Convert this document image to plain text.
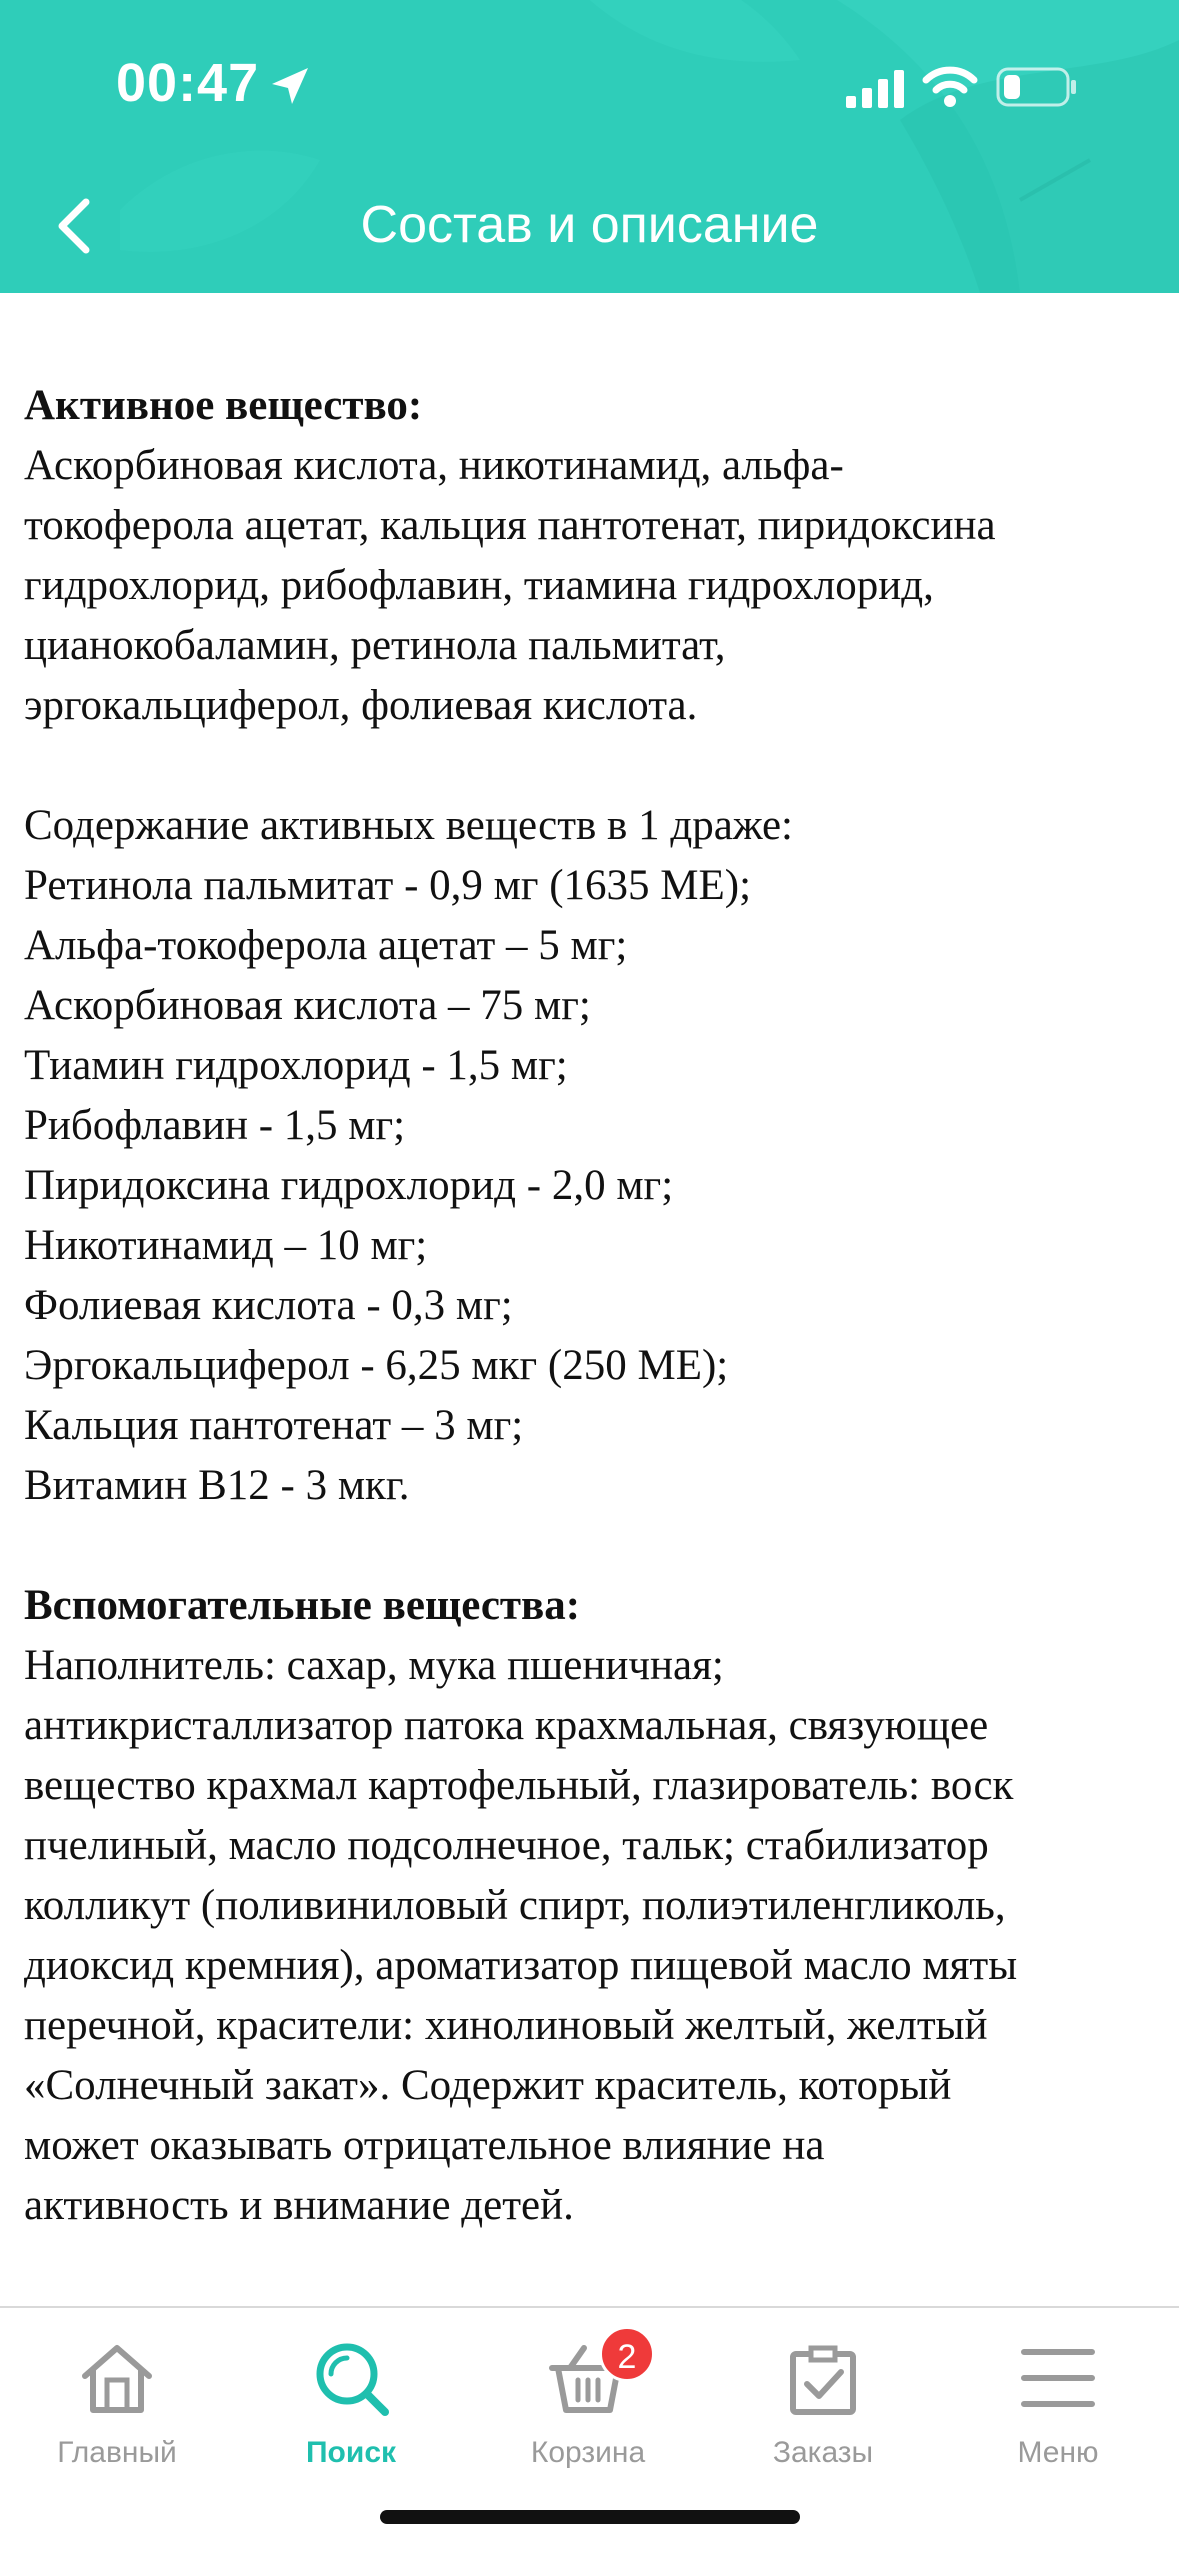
00:47
Состав и описание
Активное вещество:
Аскорбиновая кислота, никотинамид, альфа-
токоферола ацетат, кальция пантотенат, пиридоксина
гидрохлорид, рибофлавин, тиамина гидрохлорид,
цианокобаламин, ретинола пальмитат,
эргокальциферол, фолиевая кислота.
Содержание активных веществ в 1 драже:
Ретинола пальмитат - 0,9 мг (1635 МЕ);
Альфа-токоферола ацетат – 5 мг;
Аскорбиновая кислота – 75 мг;
Тиамин гидрохлорид - 1,5 мг;
Рибофлавин - 1,5 мг;
Пиридоксина гидрохлорид - 2,0 мг;
Никотинамид – 10 мг;
Фолиевая кислота - 0,3 мг;
Эргокальциферол - 6,25 мкг (250 МЕ);
Кальция пантотенат – 3 мг;
Витамин В12 - 3 мкг.
Вспомогательные вещества:
Наполнитель: сахар, мука пшеничная;
антикристаллизатор патока крахмальная, связующее
вещество крахмал картофельный, глазирователь: воск
пчелиный, масло подсолнечное, тальк; стабилизатор
колликут (поливиниловый спирт, полиэтиленгликоль,
диоксид кремния), ароматизатор пищевой масло мяты
перечной, красители: хинолиновый желтый, желтый
«Солнечный закат». Содержит краситель, который
может оказывать отрицательное влияние на
активность и внимание детей.
Главный	Поиск
2
Корзина	Заказы	Меню
